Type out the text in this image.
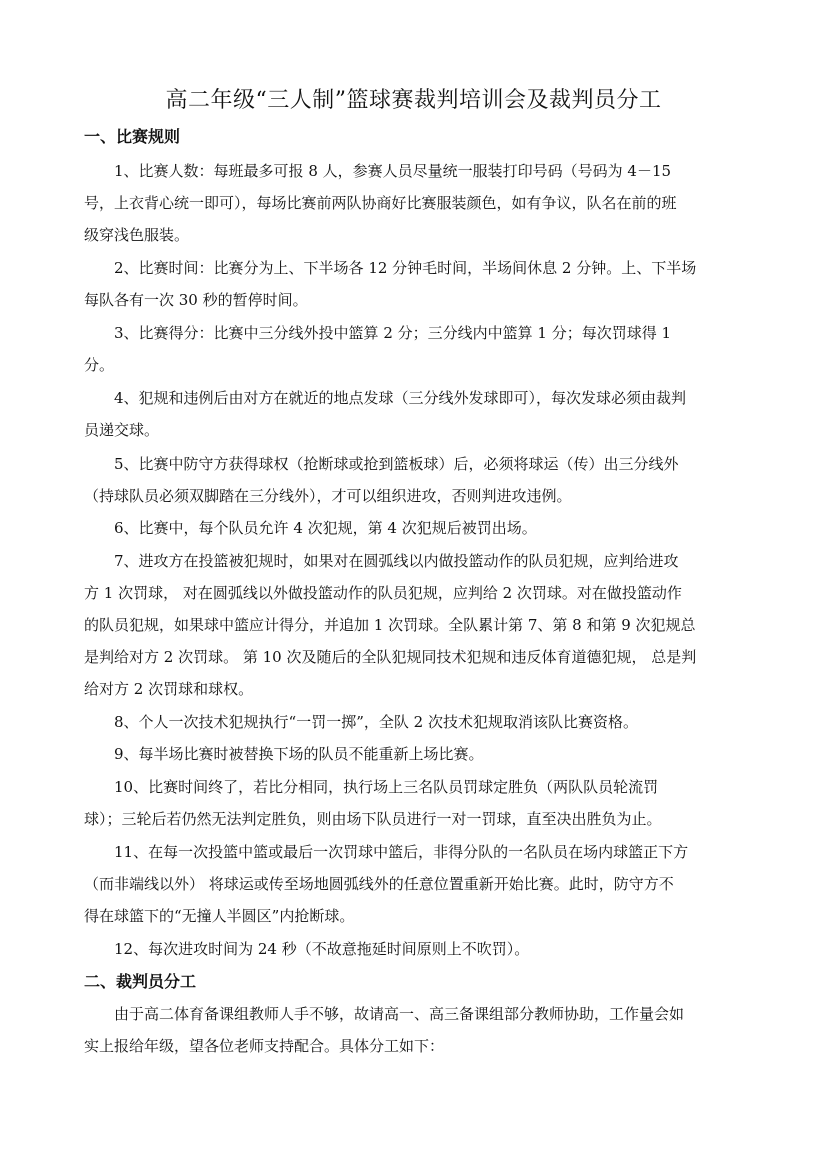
高二年级“三人制”篮球赛裁判培训会及裁判员分工
一、比赛规则
1、比赛人数：每班最多可报 8 人，参赛人员尽量统一服装打印号码（号码为 4－15
号，上衣背心统一即可），每场比赛前两队协商好比赛服装颜色，如有争议，队名在前的班
级穿浅色服装。
2、比赛时间：比赛分为上、下半场各 12 分钟毛时间，半场间休息 2 分钟。上、下半场
每队各有一次 30 秒的暂停时间。
3、比赛得分：比赛中三分线外投中篮算 2 分；三分线内中篮算 1 分；每次罚球得 1
分。
4、犯规和违例后由对方在就近的地点发球（三分线外发球即可），每次发球必须由裁判
员递交球。
5、比赛中防守方获得球权（抢断球或抢到篮板球）后，必须将球运（传）出三分线外
（持球队员必须双脚踏在三分线外），才可以组织进攻，否则判进攻违例。
6、比赛中，每个队员允许 4 次犯规，第 4 次犯规后被罚出场。
7、进攻方在投篮被犯规时，如果对在圆弧线以内做投篮动作的队员犯规，应判给进攻
方 1 次罚球， 对在圆弧线以外做投篮动作的队员犯规，应判给 2 次罚球。对在做投篮动作
的队员犯规，如果球中篮应计得分，并追加 1 次罚球。全队累计第 7、第 8 和第 9 次犯规总
是判给对方 2 次罚球。 第 10 次及随后的全队犯规同技术犯规和违反体育道德犯规， 总是判
给对方 2 次罚球和球权。
8、个人一次技术犯规执行“一罚一掷”，全队 2 次技术犯规取消该队比赛资格。
9、每半场比赛时被替换下场的队员不能重新上场比赛。
10、比赛时间终了，若比分相同，执行场上三名队员罚球定胜负（两队队员轮流罚
球）；三轮后若仍然无法判定胜负，则由场下队员进行一对一罚球，直至决出胜负为止。
11、在每一次投篮中篮或最后一次罚球中篮后，非得分队的一名队员在场内球篮正下方
（而非端线以外） 将球运或传至场地圆弧线外的任意位置重新开始比赛。此时，防守方不
得在球篮下的“无撞人半圆区”内抢断球。
12、每次进攻时间为 24 秒（不故意拖延时间原则上不吹罚）。
二、裁判员分工
由于高二体育备课组教师人手不够，故请高一、高三备课组部分教师协助，工作量会如
实上报给年级，望各位老师支持配合。具体分工如下：
